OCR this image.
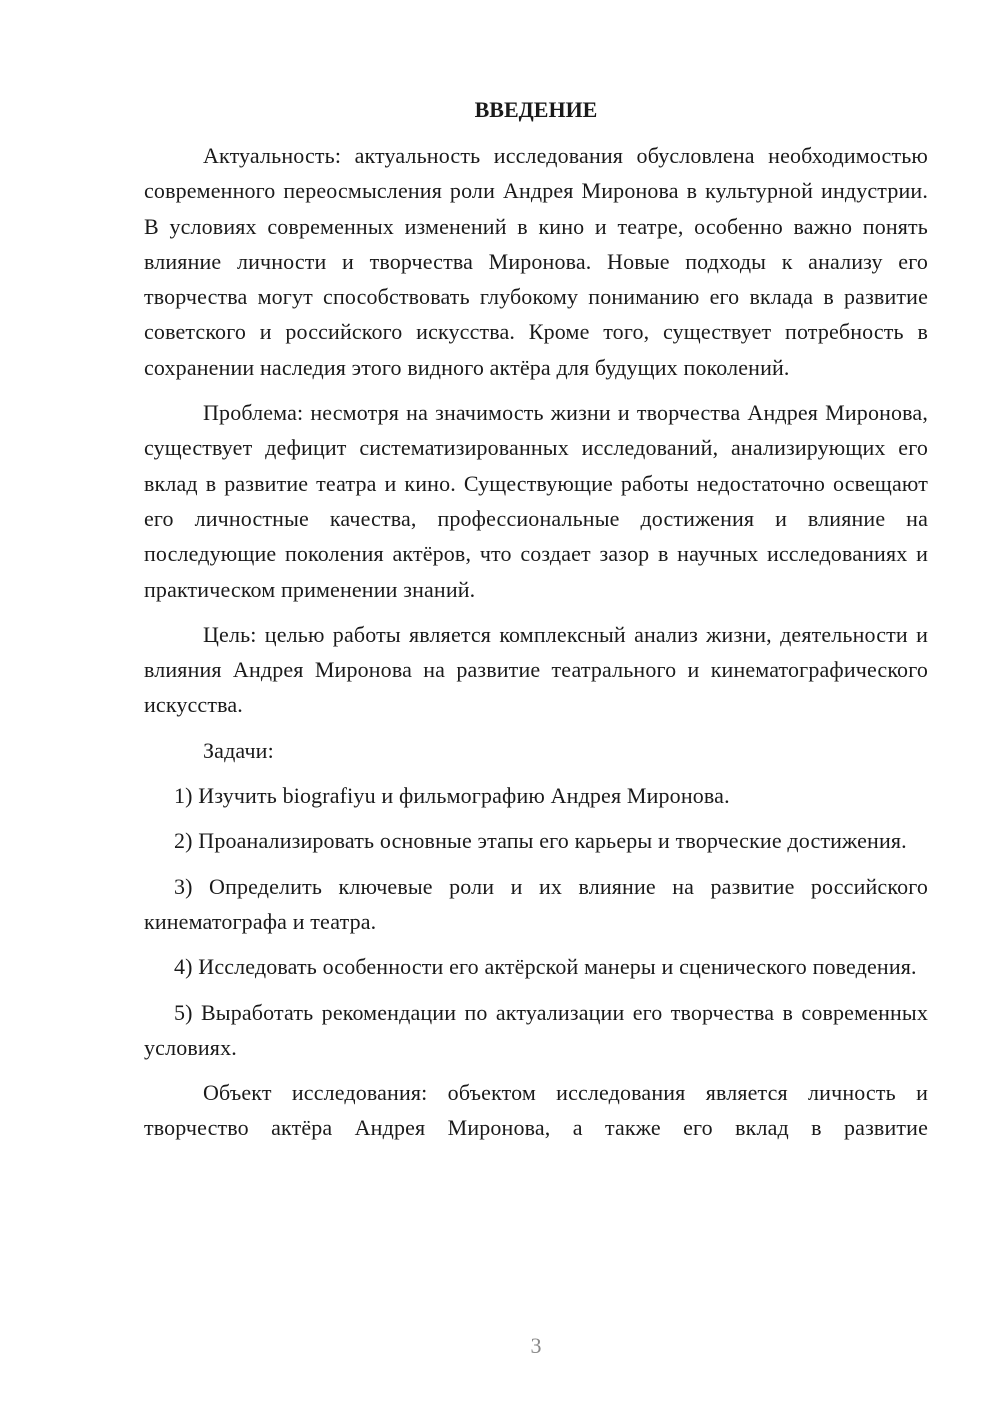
ВВЕДЕНИЕ

Актуальность: актуальность исследования обусловлена необходимостью современного переосмысления роли Андрея Миронова в культурной индустрии. В условиях современных изменений в кино и театре, особенно важно понять влияние личности и творчества Миронова. Новые подходы к анализу его творчества могут способствовать глубокому пониманию его вклада в развитие советского и российского искусства. Кроме того, существует потребность в сохранении наследия этого видного актёра для будущих поколений.

Проблема: несмотря на значимость жизни и творчества Андрея Миронова, существует дефицит систематизированных исследований, анализирующих его вклад в развитие театра и кино. Существующие работы недостаточно освещают его личностные качества, профессиональные достижения и влияние на последующие поколения актёров, что создает зазор в научных исследованиях и практическом применении знаний.

Цель: целью работы является комплексный анализ жизни, деятельности и влияния Андрея Миронова на развитие театрального и кинематографического искусства.

Задачи:

1) Изучить biografiyu и фильмографию Андрея Миронова.

2) Проанализировать основные этапы его карьеры и творческие достижения.

3) Определить ключевые роли и их влияние на развитие российского кинематографа и театра.

4) Исследовать особенности его актёрской манеры и сценического поведения.

5) Выработать рекомендации по актуализации его творчества в современных условиях.

Объект исследования: объектом исследования является личность и творчество актёра Андрея Миронова, а также его вклад в развитие

3
